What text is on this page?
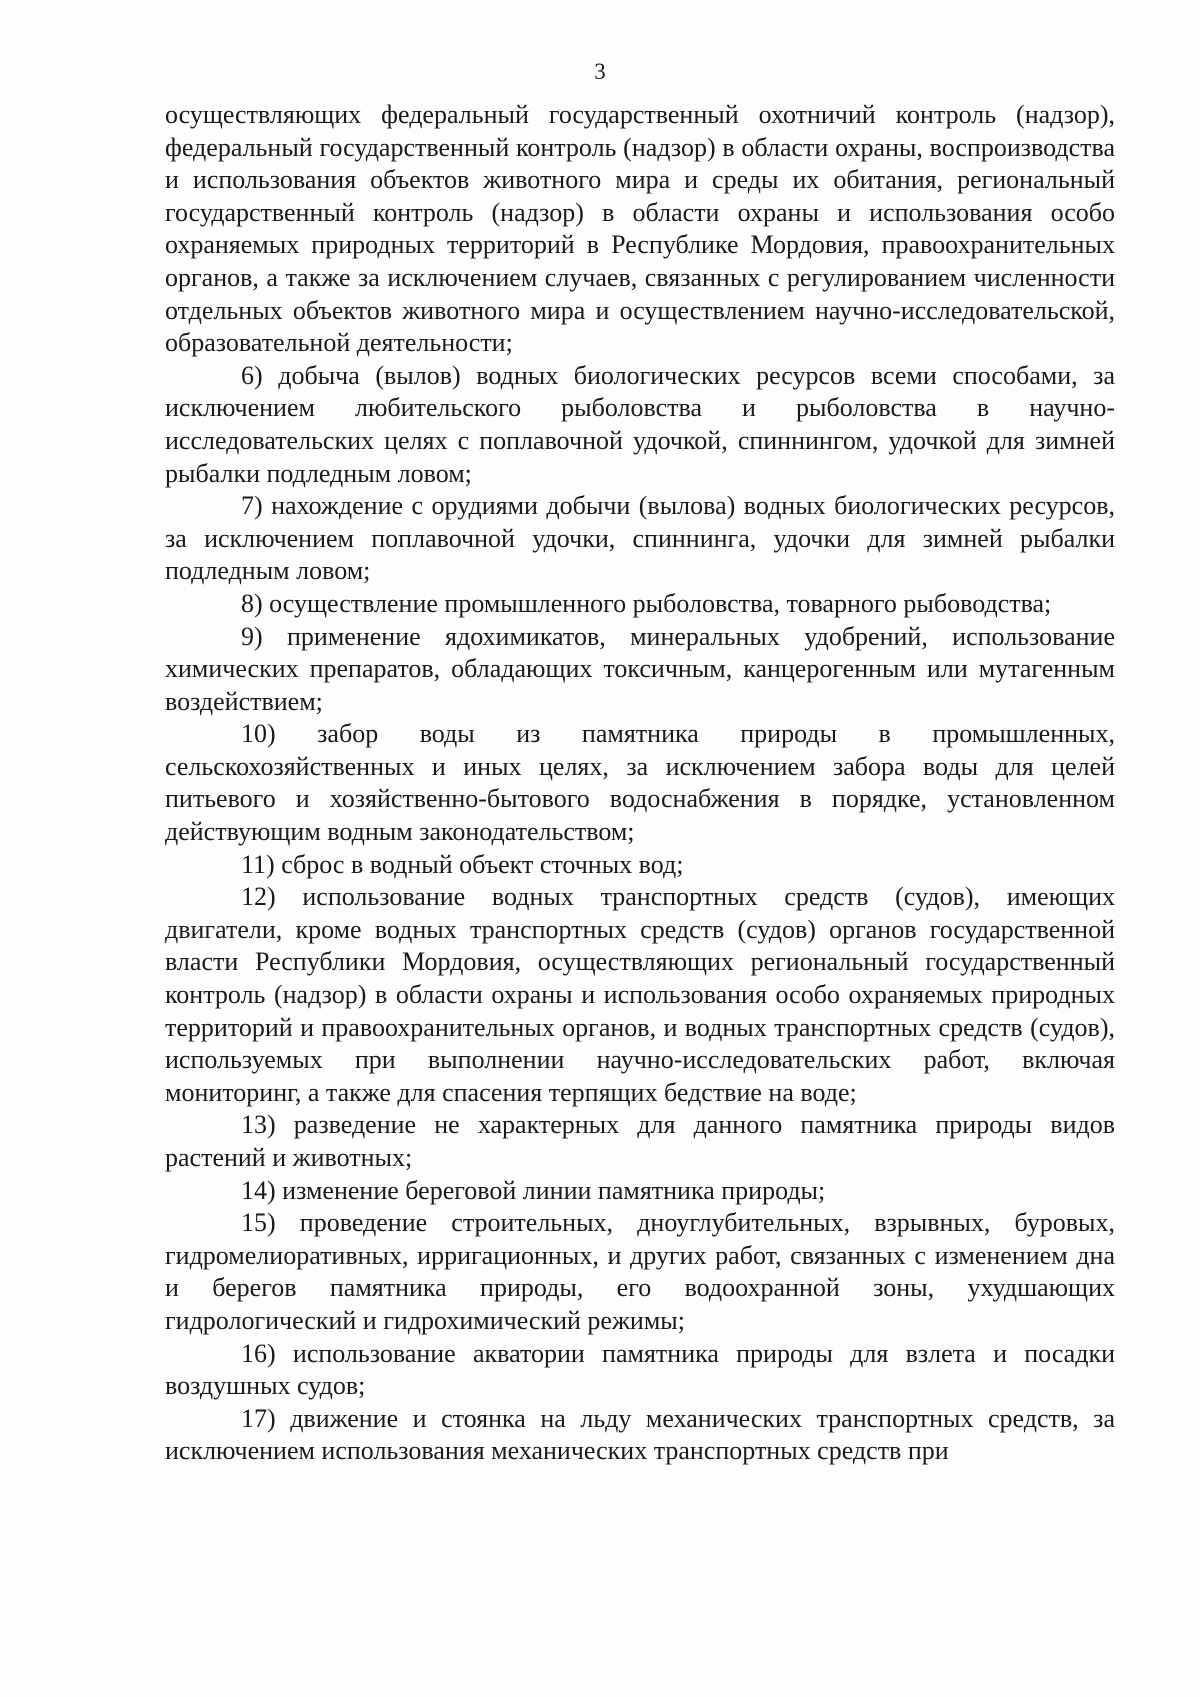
3

осуществляющих федеральный государственный охотничий контроль (надзор), федеральный государственный контроль (надзор) в области охраны, воспроизводства и использования объектов животного мира и среды их обитания, региональный государственный контроль (надзор) в области охраны и использования особо охраняемых природных территорий в Республике Мордовия, правоохранительных органов, а также за исключением случаев, связанных с регулированием численности отдельных объектов животного мира и осуществлением научно-исследовательской, образовательной деятельности;

6) добыча (вылов) водных биологических ресурсов всеми способами, за исключением любительского рыболовства и рыболовства в научно-исследовательских целях с поплавочной удочкой, спиннингом, удочкой для зимней рыбалки подледным ловом;

7) нахождение с орудиями добычи (вылова) водных биологических ресурсов, за исключением поплавочной удочки, спиннинга, удочки для зимней рыбалки подледным ловом;

8) осуществление промышленного рыболовства, товарного рыбоводства;

9) применение ядохимикатов, минеральных удобрений, использование химических препаратов, обладающих токсичным, канцерогенным или мутагенным воздействием;

10) забор воды из памятника природы в промышленных, сельскохозяйственных и иных целях, за исключением забора воды для целей питьевого и хозяйственно-бытового водоснабжения в порядке, установленном действующим водным законодательством;

11) сброс в водный объект сточных вод;

12) использование водных транспортных средств (судов), имеющих двигатели, кроме водных транспортных средств (судов) органов государственной власти Республики Мордовия, осуществляющих региональный государственный контроль (надзор) в области охраны и использования особо охраняемых природных территорий и правоохранительных органов, и водных транспортных средств (судов), используемых при выполнении научно-исследовательских работ, включая мониторинг, а также для спасения терпящих бедствие на воде;

13) разведение не характерных для данного памятника природы видов растений и животных;

14) изменение береговой линии памятника природы;

15) проведение строительных, дноуглубительных, взрывных, буровых, гидромелиоративных, ирригационных, и других работ, связанных с изменением дна и берегов памятника природы, его водоохранной зоны, ухудшающих гидрологический и гидрохимический режимы;

16) использование акватории памятника природы для взлета и посадки воздушных судов;

17) движение и стоянка на льду механических транспортных средств, за исключением использования механических транспортных средств при
